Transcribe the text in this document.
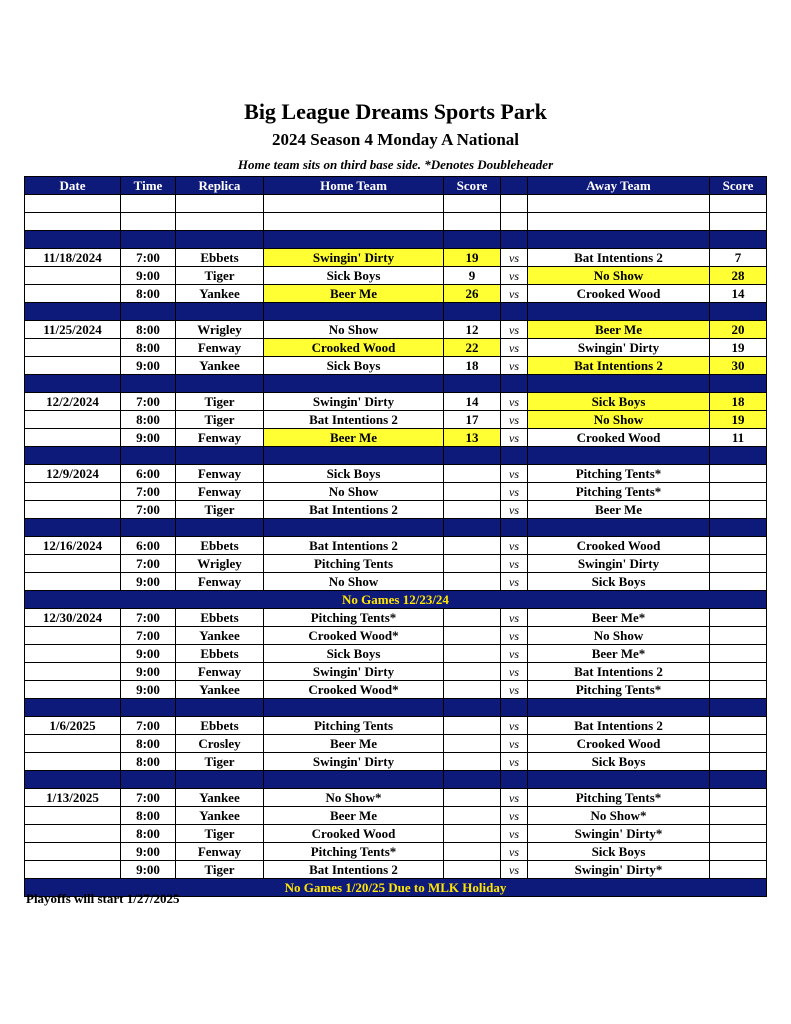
Big League Dreams Sports Park
2024 Season 4 Monday A National
Home team sits on third base side. *Denotes Doubleheader
Date	Time	Replica	Home Team	Score		Away Team	Score

11/18/2024	7:00	Ebbets	Swingin' Dirty	19	vs	Bat Intentions 2	7
	9:00	Tiger	Sick Boys	9	vs	No Show	28
	8:00	Yankee	Beer Me	26	vs	Crooked Wood	14

11/25/2024	8:00	Wrigley	No Show	12	vs	Beer Me	20
	8:00	Fenway	Crooked Wood	22	vs	Swingin' Dirty	19
	9:00	Yankee	Sick Boys	18	vs	Bat Intentions 2	30

12/2/2024	7:00	Tiger	Swingin' Dirty	14	vs	Sick Boys	18
	8:00	Tiger	Bat Intentions 2	17	vs	No Show	19
	9:00	Fenway	Beer Me	13	vs	Crooked Wood	11

12/9/2024	6:00	Fenway	Sick Boys		vs	Pitching Tents*	
	7:00	Fenway	No Show		vs	Pitching Tents*	
	7:00	Tiger	Bat Intentions 2		vs	Beer Me	

12/16/2024	6:00	Ebbets	Bat Intentions 2		vs	Crooked Wood	
	7:00	Wrigley	Pitching Tents		vs	Swingin' Dirty	
	9:00	Fenway	No Show		vs	Sick Boys	
No Games 12/23/24							
12/30/2024	7:00	Ebbets	Pitching Tents*		vs	Beer Me*	
	7:00	Yankee	Crooked Wood*		vs	No Show	
	9:00	Ebbets	Sick Boys		vs	Beer Me*	
	9:00	Fenway	Swingin' Dirty		vs	Bat Intentions 2	
	9:00	Yankee	Crooked Wood*		vs	Pitching Tents*	

1/6/2025	7:00	Ebbets	Pitching Tents		vs	Bat Intentions 2	
	8:00	Crosley	Beer Me		vs	Crooked Wood	
	8:00	Tiger	Swingin' Dirty		vs	Sick Boys	

1/13/2025	7:00	Yankee	No Show*		vs	Pitching Tents*	
	8:00	Yankee	Beer Me		vs	No Show*	
	8:00	Tiger	Crooked Wood		vs	Swingin' Dirty*	
	9:00	Fenway	Pitching Tents*		vs	Sick Boys	
	9:00	Tiger	Bat Intentions 2		vs	Swingin' Dirty*	
No Games 1/20/25 Due to MLK Holiday							
Playoffs will start 1/27/2025
